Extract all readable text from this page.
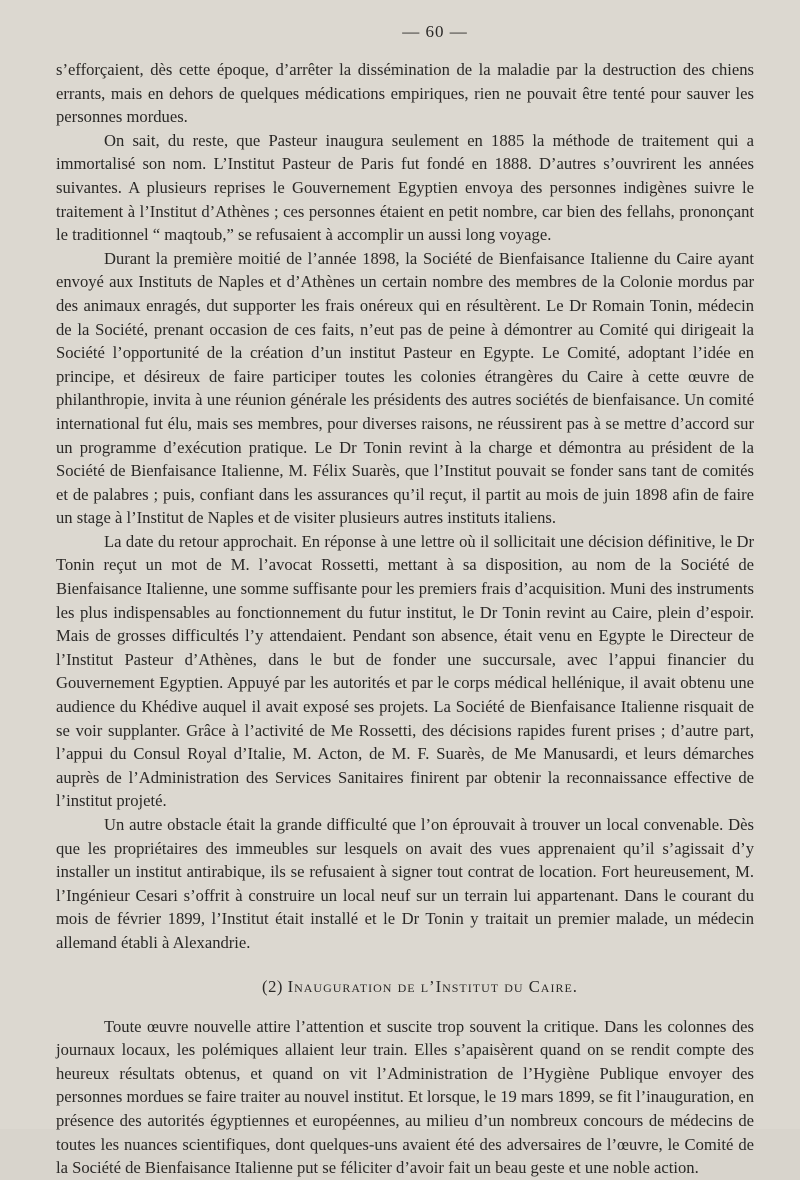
— 60 —

s’efforçaient, dès cette époque, d’arrêter la dissémination de la maladie par la destruction des chiens errants, mais en dehors de quelques médications empiriques, rien ne pouvait être tenté pour sauver les personnes mordues.

On sait, du reste, que Pasteur inaugura seulement en 1885 la méthode de traitement qui a immortalisé son nom. L’Institut Pasteur de Paris fut fondé en 1888. D’autres s’ouvrirent les années suivantes. A plusieurs reprises le Gouvernement Egyptien envoya des personnes indigènes suivre le traitement à l’Institut d’Athènes ; ces personnes étaient en petit nombre, car bien des fellahs, prononçant le traditionnel “ maqtoub,” se refusaient à accomplir un aussi long voyage.

Durant la première moitié de l’année 1898, la Société de Bienfaisance Italienne du Caire ayant envoyé aux Instituts de Naples et d’Athènes un certain nombre des membres de la Colonie mordus par des animaux enragés, dut supporter les frais onéreux qui en résultèrent. Le Dr Romain Tonin, médecin de la Société, prenant occasion de ces faits, n’eut pas de peine à démontrer au Comité qui dirigeait la Société l’opportunité de la création d’un institut Pasteur en Egypte. Le Comité, adoptant l’idée en principe, et désireux de faire participer toutes les colonies étrangères du Caire à cette œuvre de philanthropie, invita à une réunion générale les présidents des autres sociétés de bienfaisance. Un comité international fut élu, mais ses membres, pour diverses raisons, ne réussirent pas à se mettre d’accord sur un programme d’exécution pratique. Le Dr Tonin revint à la charge et démontra au président de la Société de Bienfaisance Italienne, M. Félix Suarès, que l’Institut pouvait se fonder sans tant de comités et de palabres ; puis, confiant dans les assurances qu’il reçut, il partit au mois de juin 1898 afin de faire un stage à l’Institut de Naples et de visiter plusieurs autres instituts italiens.

La date du retour approchait. En réponse à une lettre où il sollicitait une décision définitive, le Dr Tonin reçut un mot de M. l’avocat Rossetti, mettant à sa disposition, au nom de la Société de Bienfaisance Italienne, une somme suffisante pour les premiers frais d’acquisition. Muni des instruments les plus indispensables au fonctionnement du futur institut, le Dr Tonin revint au Caire, plein d’espoir. Mais de grosses difficultés l’y attendaient. Pendant son absence, était venu en Egypte le Directeur de l’Institut Pasteur d’Athènes, dans le but de fonder une succursale, avec l’appui financier du Gouvernement Egyptien. Appuyé par les autorités et par le corps médical hellénique, il avait obtenu une audience du Khédive auquel il avait exposé ses projets. La Société de Bienfaisance Italienne risquait de se voir supplanter. Grâce à l’activité de Me Rossetti, des décisions rapides furent prises ; d’autre part, l’appui du Consul Royal d’Italie, M. Acton, de M. F. Suarès, de Me Manusardi, et leurs démarches auprès de l’Administration des Services Sanitaires finirent par obtenir la reconnaissance effective de l’institut projeté.

Un autre obstacle était la grande difficulté que l’on éprouvait à trouver un local convenable. Dès que les propriétaires des immeubles sur lesquels on avait des vues apprenaient qu’il s’agissait d’y installer un institut antirabique, ils se refusaient à signer tout contrat de location. Fort heureusement, M. l’Ingénieur Cesari s’offrit à construire un local neuf sur un terrain lui appartenant. Dans le courant du mois de février 1899, l’Institut était installé et le Dr Tonin y traitait un premier malade, un médecin allemand établi à Alexandrie.

(2) Inauguration de l’Institut du Caire.

Toute œuvre nouvelle attire l’attention et suscite trop souvent la critique. Dans les colonnes des journaux locaux, les polémiques allaient leur train. Elles s’apaisèrent quand on se rendit compte des heureux résultats obtenus, et quand on vit l’Administration de l’Hygiène Publique envoyer des personnes mordues se faire traiter au nouvel institut. Et lorsque, le 19 mars 1899, se fit l’inauguration, en présence des autorités égyptiennes et européennes, au milieu d’un nombreux concours de médecins de toutes les nuances scientifiques, dont quelques-uns avaient été des adversaires de l’œuvre, le Comité de la Société de Bienfaisance Italienne put se féliciter d’avoir fait un beau geste et une noble action.
